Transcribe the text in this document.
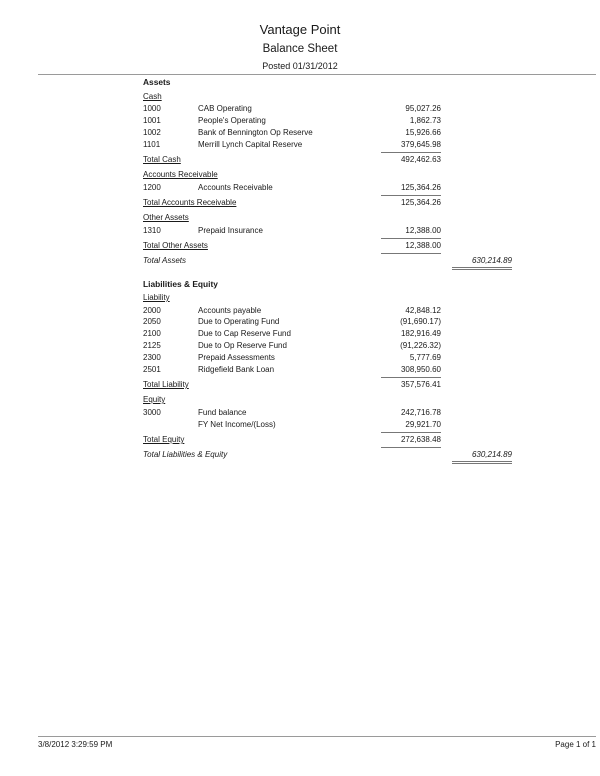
Vantage Point
Balance Sheet
Posted 01/31/2012
Assets
Cash
1000	CAB Operating	95,027.26
1001	People's Operating	1,862.73
1002	Bank of Bennington Op Reserve	15,926.66
1101	Merrill Lynch Capital Reserve	379,645.98
Total Cash	492,462.63
Accounts Receivable
1200	Accounts Receivable	125,364.26
Total Accounts Receivable	125,364.26
Other Assets
1310	Prepaid Insurance	12,388.00
Total Other Assets	12,388.00
Total Assets	630,214.89
Liabilities & Equity
Liability
2000	Accounts payable	42,848.12
2050	Due to Operating Fund	(91,690.17)
2100	Due to Cap Reserve Fund	182,916.49
2125	Due to Op Reserve Fund	(91,226.32)
2300	Prepaid Assessments	5,777.69
2501	Ridgefield Bank Loan	308,950.60
Total Liability	357,576.41
Equity
3000	Fund balance	242,716.78
FY Net Income/(Loss)	29,921.70
Total Equity	272,638.48
Total Liabilities & Equity	630,214.89
3/8/2012 3:29:59 PM	Page 1 of 1
